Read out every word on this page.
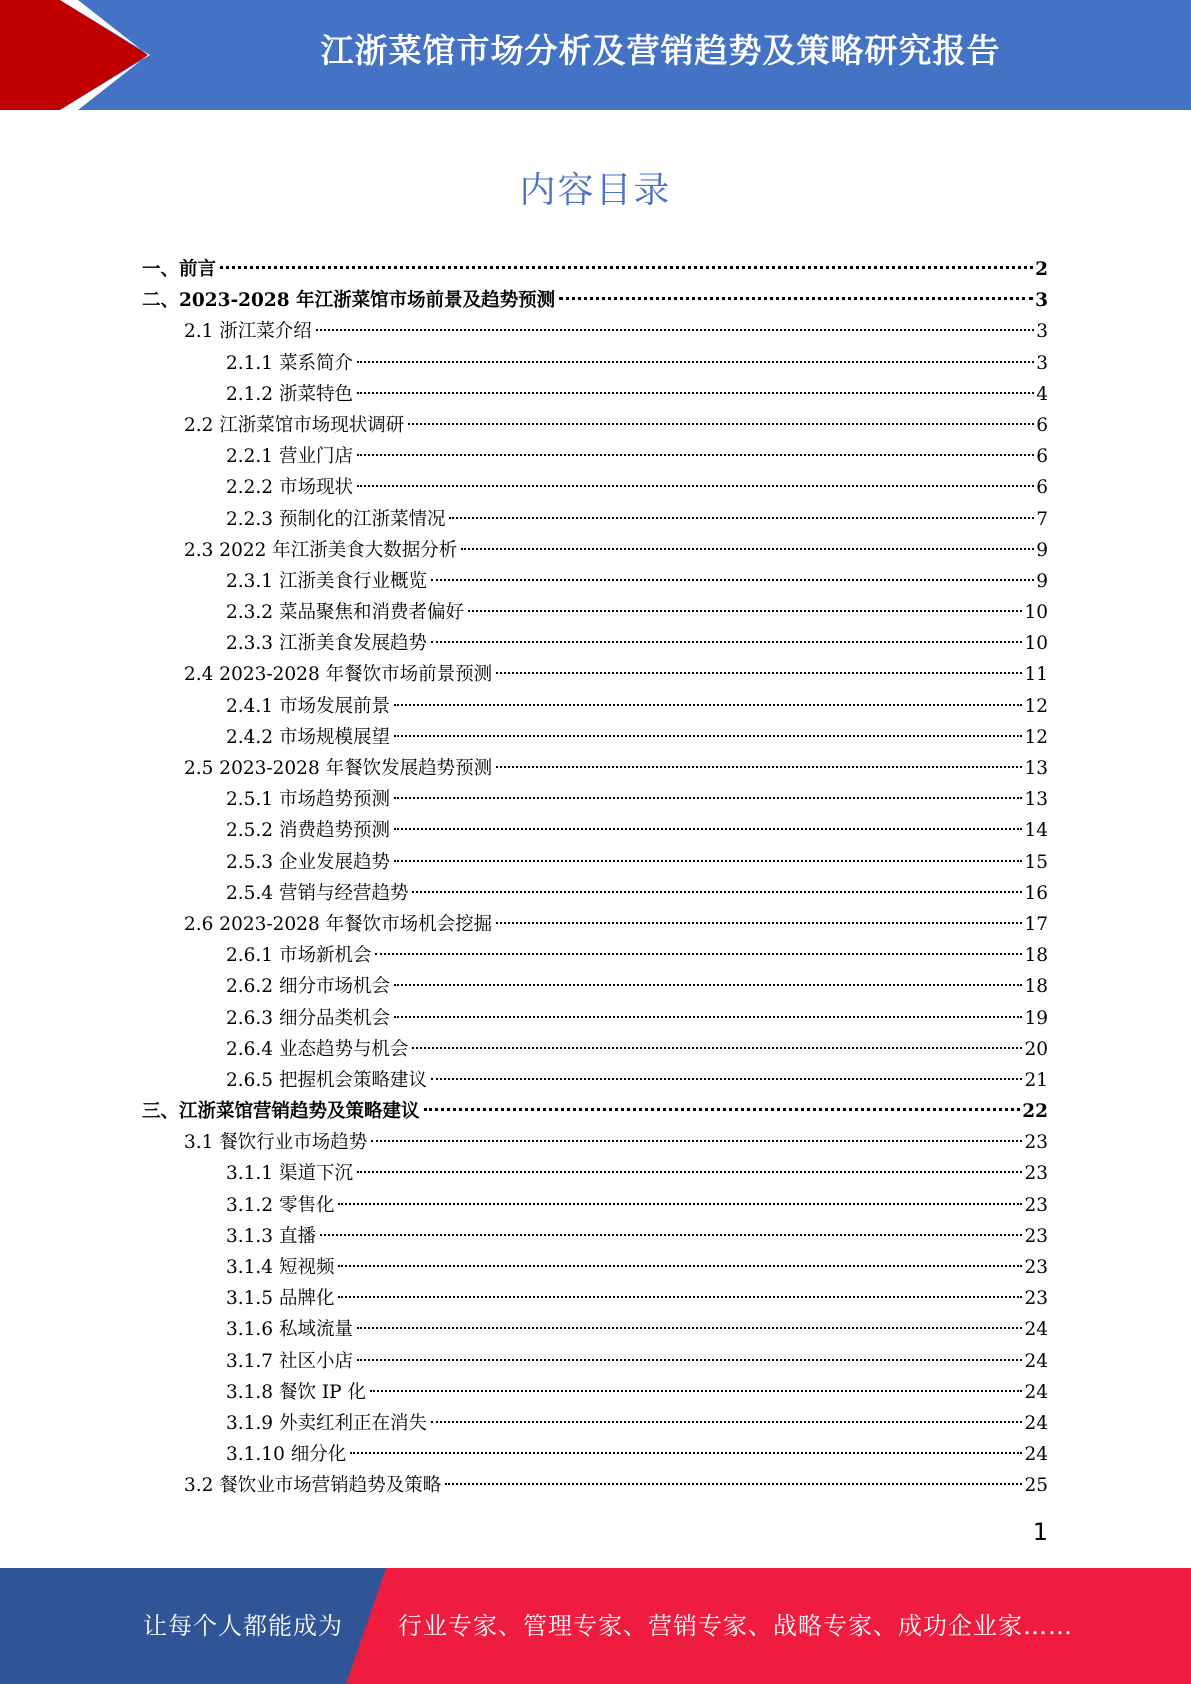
江浙菜馆市场分析及营销趋势及策略研究报告
内容目录
一、前言	2
二、2023-2028 年江浙菜馆市场前景及趋势预测	3
2.1 浙江菜介绍	3
2.1.1 菜系简介	3
2.1.2 浙菜特色	4
2.2 江浙菜馆市场现状调研	6
2.2.1 营业门店	6
2.2.2 市场现状	6
2.2.3 预制化的江浙菜情况	7
2.3 2022 年江浙美食大数据分析	9
2.3.1 江浙美食行业概览	9
2.3.2 菜品聚焦和消费者偏好	10
2.3.3 江浙美食发展趋势	10
2.4 2023-2028 年餐饮市场前景预测	11
2.4.1 市场发展前景	12
2.4.2 市场规模展望	12
2.5 2023-2028 年餐饮发展趋势预测	13
2.5.1 市场趋势预测	13
2.5.2 消费趋势预测	14
2.5.3 企业发展趋势	15
2.5.4 营销与经营趋势	16
2.6 2023-2028 年餐饮市场机会挖掘	17
2.6.1 市场新机会	18
2.6.2 细分市场机会	18
2.6.3 细分品类机会	19
2.6.4 业态趋势与机会	20
2.6.5 把握机会策略建议	21
三、江浙菜馆营销趋势及策略建议	22
3.1 餐饮行业市场趋势	23
3.1.1 渠道下沉	23
3.1.2 零售化	23
3.1.3 直播	23
3.1.4 短视频	23
3.1.5 品牌化	23
3.1.6 私域流量	24
3.1.7 社区小店	24
3.1.8 餐饮 IP 化	24
3.1.9 外卖红利正在消失	24
3.1.10 细分化	24
3.2 餐饮业市场营销趋势及策略	25
1
让每个人都能成为 行业专家、管理专家、营销专家、战略专家、成功企业家……
